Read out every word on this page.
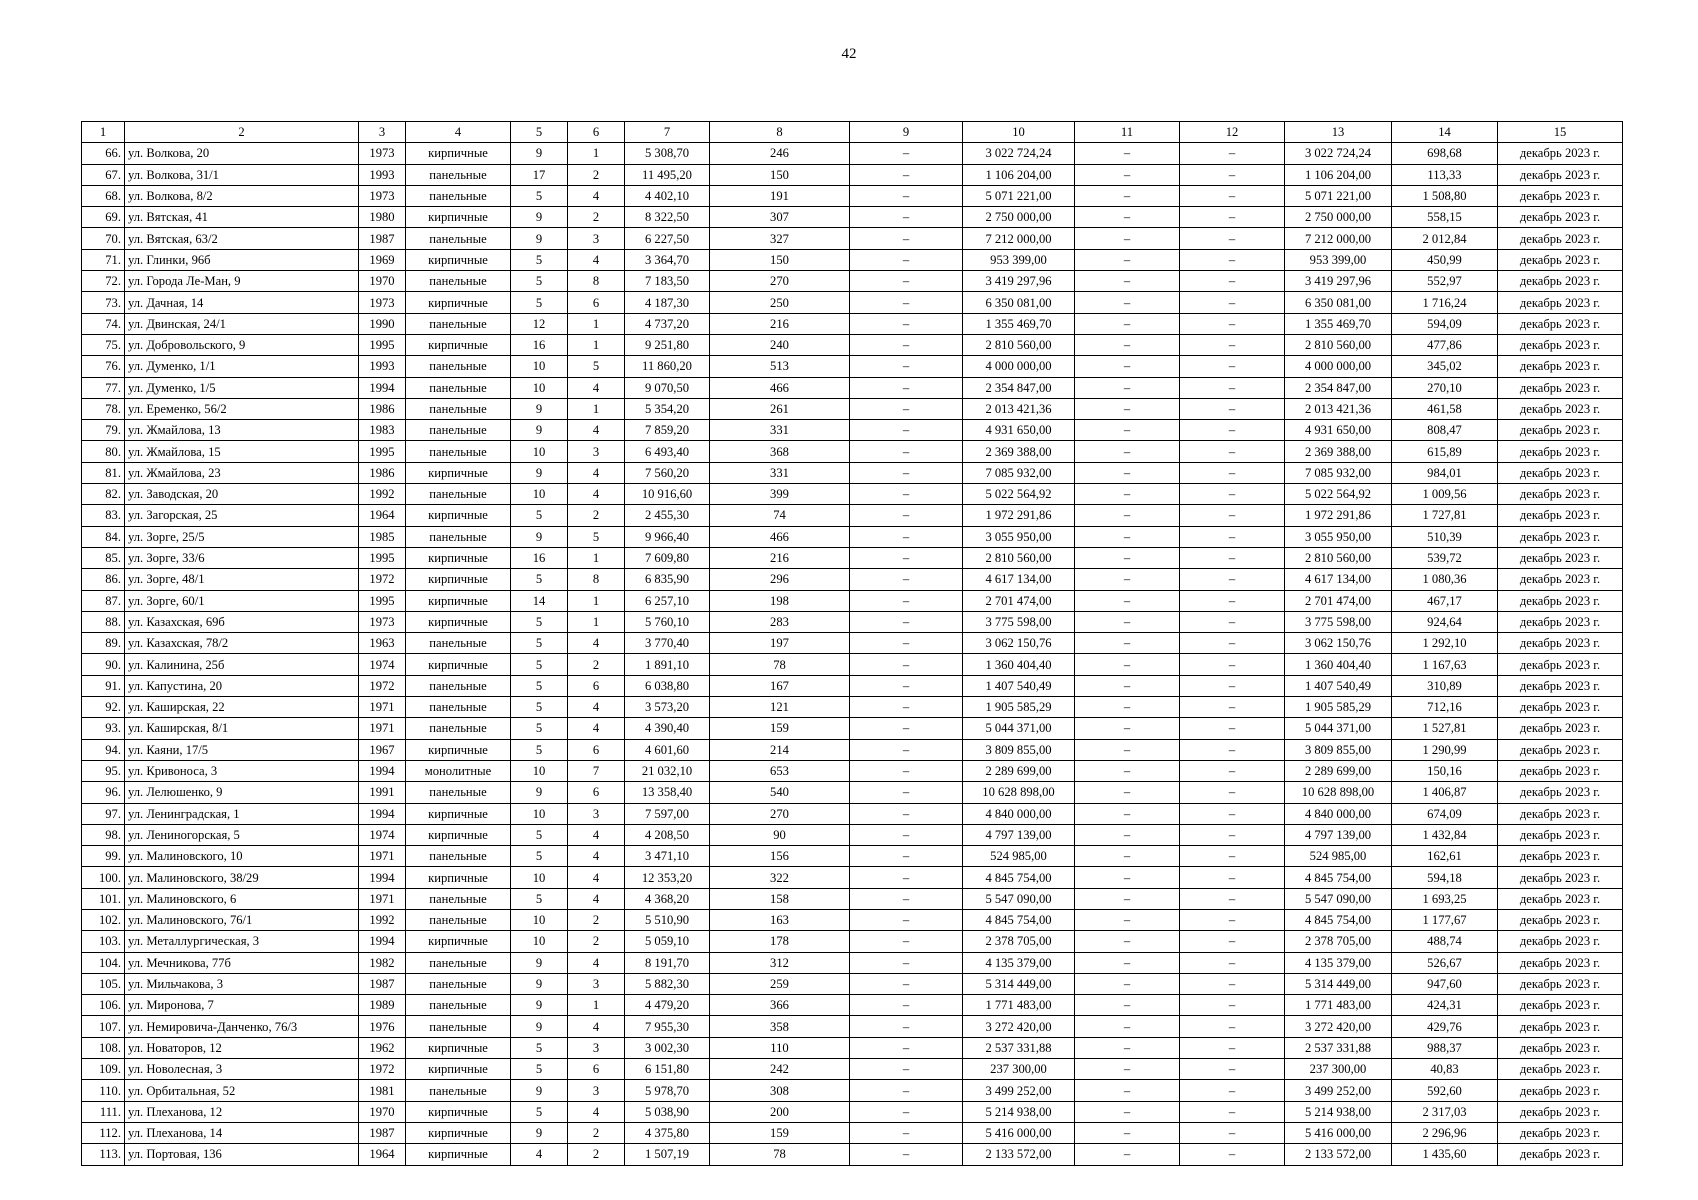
42
1	2	3	4	5	6	7	8	9	10	11	12	13	14	15
66.	ул. Волкова, 20	1973	кирпичные	9	1	5 308,70	246	–	3 022 724,24	–	–	3 022 724,24	698,68	декабрь 2023 г.
67.	ул. Волкова, 31/1	1993	панельные	17	2	11 495,20	150	–	1 106 204,00	–	–	1 106 204,00	113,33	декабрь 2023 г.
68.	ул. Волкова, 8/2	1973	панельные	5	4	4 402,10	191	–	5 071 221,00	–	–	5 071 221,00	1 508,80	декабрь 2023 г.
69.	ул. Вятская, 41	1980	кирпичные	9	2	8 322,50	307	–	2 750 000,00	–	–	2 750 000,00	558,15	декабрь 2023 г.
70.	ул. Вятская, 63/2	1987	панельные	9	3	6 227,50	327	–	7 212 000,00	–	–	7 212 000,00	2 012,84	декабрь 2023 г.
71.	ул. Глинки, 96б	1969	кирпичные	5	4	3 364,70	150	–	953 399,00	–	–	953 399,00	450,99	декабрь 2023 г.
72.	ул. Города Ле-Ман, 9	1970	панельные	5	8	7 183,50	270	–	3 419 297,96	–	–	3 419 297,96	552,97	декабрь 2023 г.
73.	ул. Дачная, 14	1973	кирпичные	5	6	4 187,30	250	–	6 350 081,00	–	–	6 350 081,00	1 716,24	декабрь 2023 г.
74.	ул. Двинская, 24/1	1990	панельные	12	1	4 737,20	216	–	1 355 469,70	–	–	1 355 469,70	594,09	декабрь 2023 г.
75.	ул. Добровольского, 9	1995	кирпичные	16	1	9 251,80	240	–	2 810 560,00	–	–	2 810 560,00	477,86	декабрь 2023 г.
76.	ул. Думенко, 1/1	1993	панельные	10	5	11 860,20	513	–	4 000 000,00	–	–	4 000 000,00	345,02	декабрь 2023 г.
77.	ул. Думенко, 1/5	1994	панельные	10	4	9 070,50	466	–	2 354 847,00	–	–	2 354 847,00	270,10	декабрь 2023 г.
78.	ул. Еременко, 56/2	1986	панельные	9	1	5 354,20	261	–	2 013 421,36	–	–	2 013 421,36	461,58	декабрь 2023 г.
79.	ул. Жмайлова, 13	1983	панельные	9	4	7 859,20	331	–	4 931 650,00	–	–	4 931 650,00	808,47	декабрь 2023 г.
80.	ул. Жмайлова, 15	1995	панельные	10	3	6 493,40	368	–	2 369 388,00	–	–	2 369 388,00	615,89	декабрь 2023 г.
81.	ул. Жмайлова, 23	1986	кирпичные	9	4	7 560,20	331	–	7 085 932,00	–	–	7 085 932,00	984,01	декабрь 2023 г.
82.	ул. Заводская, 20	1992	панельные	10	4	10 916,60	399	–	5 022 564,92	–	–	5 022 564,92	1 009,56	декабрь 2023 г.
83.	ул. Загорская, 25	1964	кирпичные	5	2	2 455,30	74	–	1 972 291,86	–	–	1 972 291,86	1 727,81	декабрь 2023 г.
84.	ул. Зорге, 25/5	1985	панельные	9	5	9 966,40	466	–	3 055 950,00	–	–	3 055 950,00	510,39	декабрь 2023 г.
85.	ул. Зорге, 33/6	1995	кирпичные	16	1	7 609,80	216	–	2 810 560,00	–	–	2 810 560,00	539,72	декабрь 2023 г.
86.	ул. Зорге, 48/1	1972	кирпичные	5	8	6 835,90	296	–	4 617 134,00	–	–	4 617 134,00	1 080,36	декабрь 2023 г.
87.	ул. Зорге, 60/1	1995	кирпичные	14	1	6 257,10	198	–	2 701 474,00	–	–	2 701 474,00	467,17	декабрь 2023 г.
88.	ул. Казахская, 69б	1973	кирпичные	5	1	5 760,10	283	–	3 775 598,00	–	–	3 775 598,00	924,64	декабрь 2023 г.
89.	ул. Казахская, 78/2	1963	панельные	5	4	3 770,40	197	–	3 062 150,76	–	–	3 062 150,76	1 292,10	декабрь 2023 г.
90.	ул. Калинина, 25б	1974	кирпичные	5	2	1 891,10	78	–	1 360 404,40	–	–	1 360 404,40	1 167,63	декабрь 2023 г.
91.	ул. Капустина, 20	1972	панельные	5	6	6 038,80	167	–	1 407 540,49	–	–	1 407 540,49	310,89	декабрь 2023 г.
92.	ул. Каширская, 22	1971	панельные	5	4	3 573,20	121	–	1 905 585,29	–	–	1 905 585,29	712,16	декабрь 2023 г.
93.	ул. Каширская, 8/1	1971	панельные	5	4	4 390,40	159	–	5 044 371,00	–	–	5 044 371,00	1 527,81	декабрь 2023 г.
94.	ул. Каяни, 17/5	1967	кирпичные	5	6	4 601,60	214	–	3 809 855,00	–	–	3 809 855,00	1 290,99	декабрь 2023 г.
95.	ул. Кривоноса, 3	1994	монолитные	10	7	21 032,10	653	–	2 289 699,00	–	–	2 289 699,00	150,16	декабрь 2023 г.
96.	ул. Лелюшенко, 9	1991	панельные	9	6	13 358,40	540	–	10 628 898,00	–	–	10 628 898,00	1 406,87	декабрь 2023 г.
97.	ул. Ленинградская, 1	1994	кирпичные	10	3	7 597,00	270	–	4 840 000,00	–	–	4 840 000,00	674,09	декабрь 2023 г.
98.	ул. Лениногорская, 5	1974	кирпичные	5	4	4 208,50	90	–	4 797 139,00	–	–	4 797 139,00	1 432,84	декабрь 2023 г.
99.	ул. Малиновского, 10	1971	панельные	5	4	3 471,10	156	–	524 985,00	–	–	524 985,00	162,61	декабрь 2023 г.
100.	ул. Малиновского, 38/29	1994	кирпичные	10	4	12 353,20	322	–	4 845 754,00	–	–	4 845 754,00	594,18	декабрь 2023 г.
101.	ул. Малиновского, 6	1971	панельные	5	4	4 368,20	158	–	5 547 090,00	–	–	5 547 090,00	1 693,25	декабрь 2023 г.
102.	ул. Малиновского, 76/1	1992	панельные	10	2	5 510,90	163	–	4 845 754,00	–	–	4 845 754,00	1 177,67	декабрь 2023 г.
103.	ул. Металлургическая, 3	1994	кирпичные	10	2	5 059,10	178	–	2 378 705,00	–	–	2 378 705,00	488,74	декабрь 2023 г.
104.	ул. Мечникова, 77б	1982	панельные	9	4	8 191,70	312	–	4 135 379,00	–	–	4 135 379,00	526,67	декабрь 2023 г.
105.	ул. Мильчакова, 3	1987	панельные	9	3	5 882,30	259	–	5 314 449,00	–	–	5 314 449,00	947,60	декабрь 2023 г.
106.	ул. Миронова, 7	1989	панельные	9	1	4 479,20	366	–	1 771 483,00	–	–	1 771 483,00	424,31	декабрь 2023 г.
107.	ул. Немировича-Данченко, 76/3	1976	панельные	9	4	7 955,30	358	–	3 272 420,00	–	–	3 272 420,00	429,76	декабрь 2023 г.
108.	ул. Новаторов, 12	1962	кирпичные	5	3	3 002,30	110	–	2 537 331,88	–	–	2 537 331,88	988,37	декабрь 2023 г.
109.	ул. Новолесная, 3	1972	кирпичные	5	6	6 151,80	242	–	237 300,00	–	–	237 300,00	40,83	декабрь 2023 г.
110.	ул. Орбитальная, 52	1981	панельные	9	3	5 978,70	308	–	3 499 252,00	–	–	3 499 252,00	592,60	декабрь 2023 г.
111.	ул. Плеханова, 12	1970	кирпичные	5	4	5 038,90	200	–	5 214 938,00	–	–	5 214 938,00	2 317,03	декабрь 2023 г.
112.	ул. Плеханова, 14	1987	кирпичные	9	2	4 375,80	159	–	5 416 000,00	–	–	5 416 000,00	2 296,96	декабрь 2023 г.
113.	ул. Портовая, 136	1964	кирпичные	4	2	1 507,19	78	–	2 133 572,00	–	–	2 133 572,00	1 435,60	декабрь 2023 г.
